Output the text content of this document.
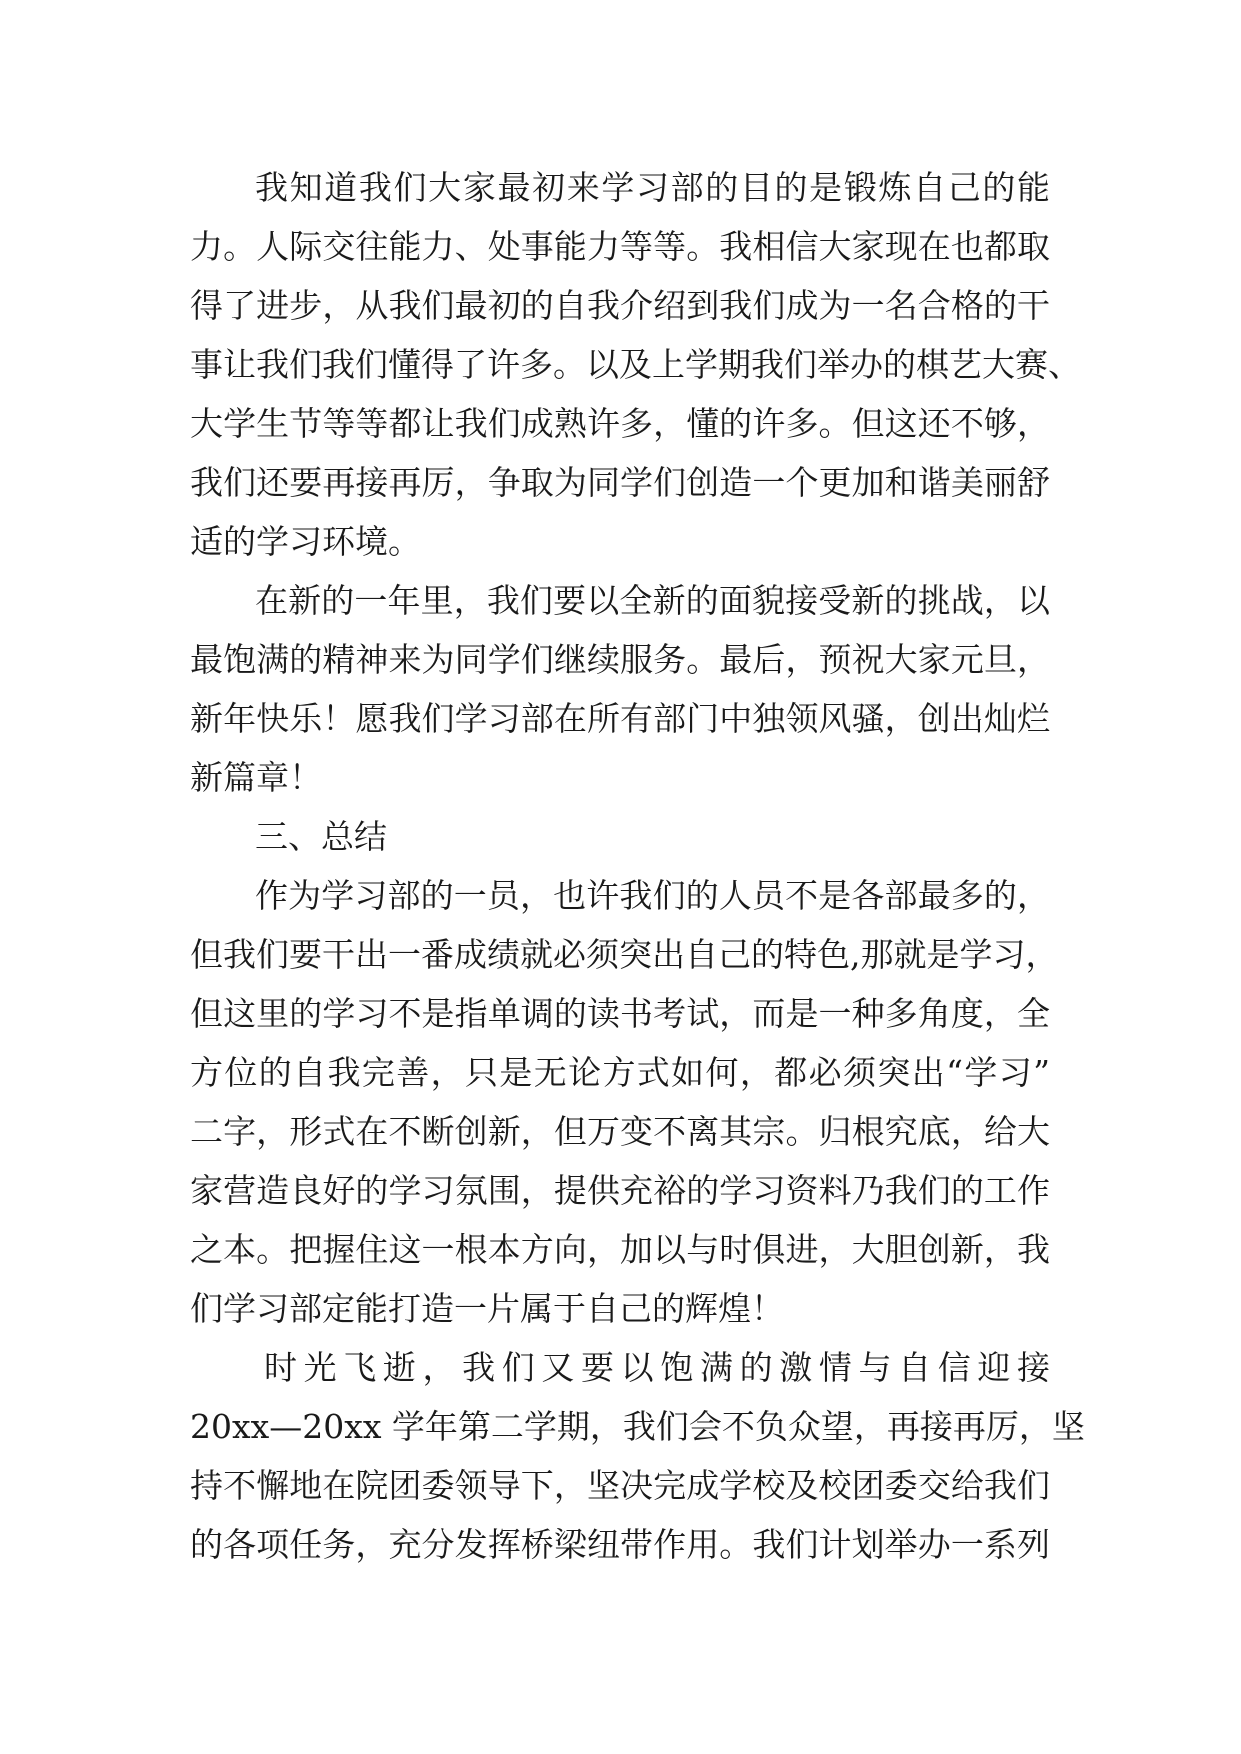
我知道我们大家最初来学习部的目的是锻炼自己的能
力。人际交往能力、处事能力等等。我相信大家现在也都取
得了进步，从我们最初的自我介绍到我们成为一名合格的干
事让我们我们懂得了许多。以及上学期我们举办的棋艺大赛、
大学生节等等都让我们成熟许多，懂的许多。但这还不够，
我们还要再接再厉，争取为同学们创造一个更加和谐美丽舒
适的学习环境。
在新的一年里，我们要以全新的面貌接受新的挑战，以
最饱满的精神来为同学们继续服务。最后，预祝大家元旦，
新年快乐！愿我们学习部在所有部门中独领风骚，创出灿烂
新篇章！
三、总结
作为学习部的一员，也许我们的人员不是各部最多的，
但我们要干出一番成绩就必须突出自己的特色,那就是学习，
但这里的学习不是指单调的读书考试，而是一种多角度，全
方位的自我完善，只是无论方式如何，都必须突出“学习”
二字，形式在不断创新，但万变不离其宗。归根究底，给大
家营造良好的学习氛围，提供充裕的学习资料乃我们的工作
之本。把握住这一根本方向，加以与时俱进，大胆创新，我
们学习部定能打造一片属于自己的辉煌！
时光飞逝，我们又要以饱满的激情与自信迎接
20xx—20xx 学年第二学期，我们会不负众望，再接再厉，坚
持不懈地在院团委领导下，坚决完成学校及校团委交给我们
的各项任务，充分发挥桥梁纽带作用。我们计划举办一系列
